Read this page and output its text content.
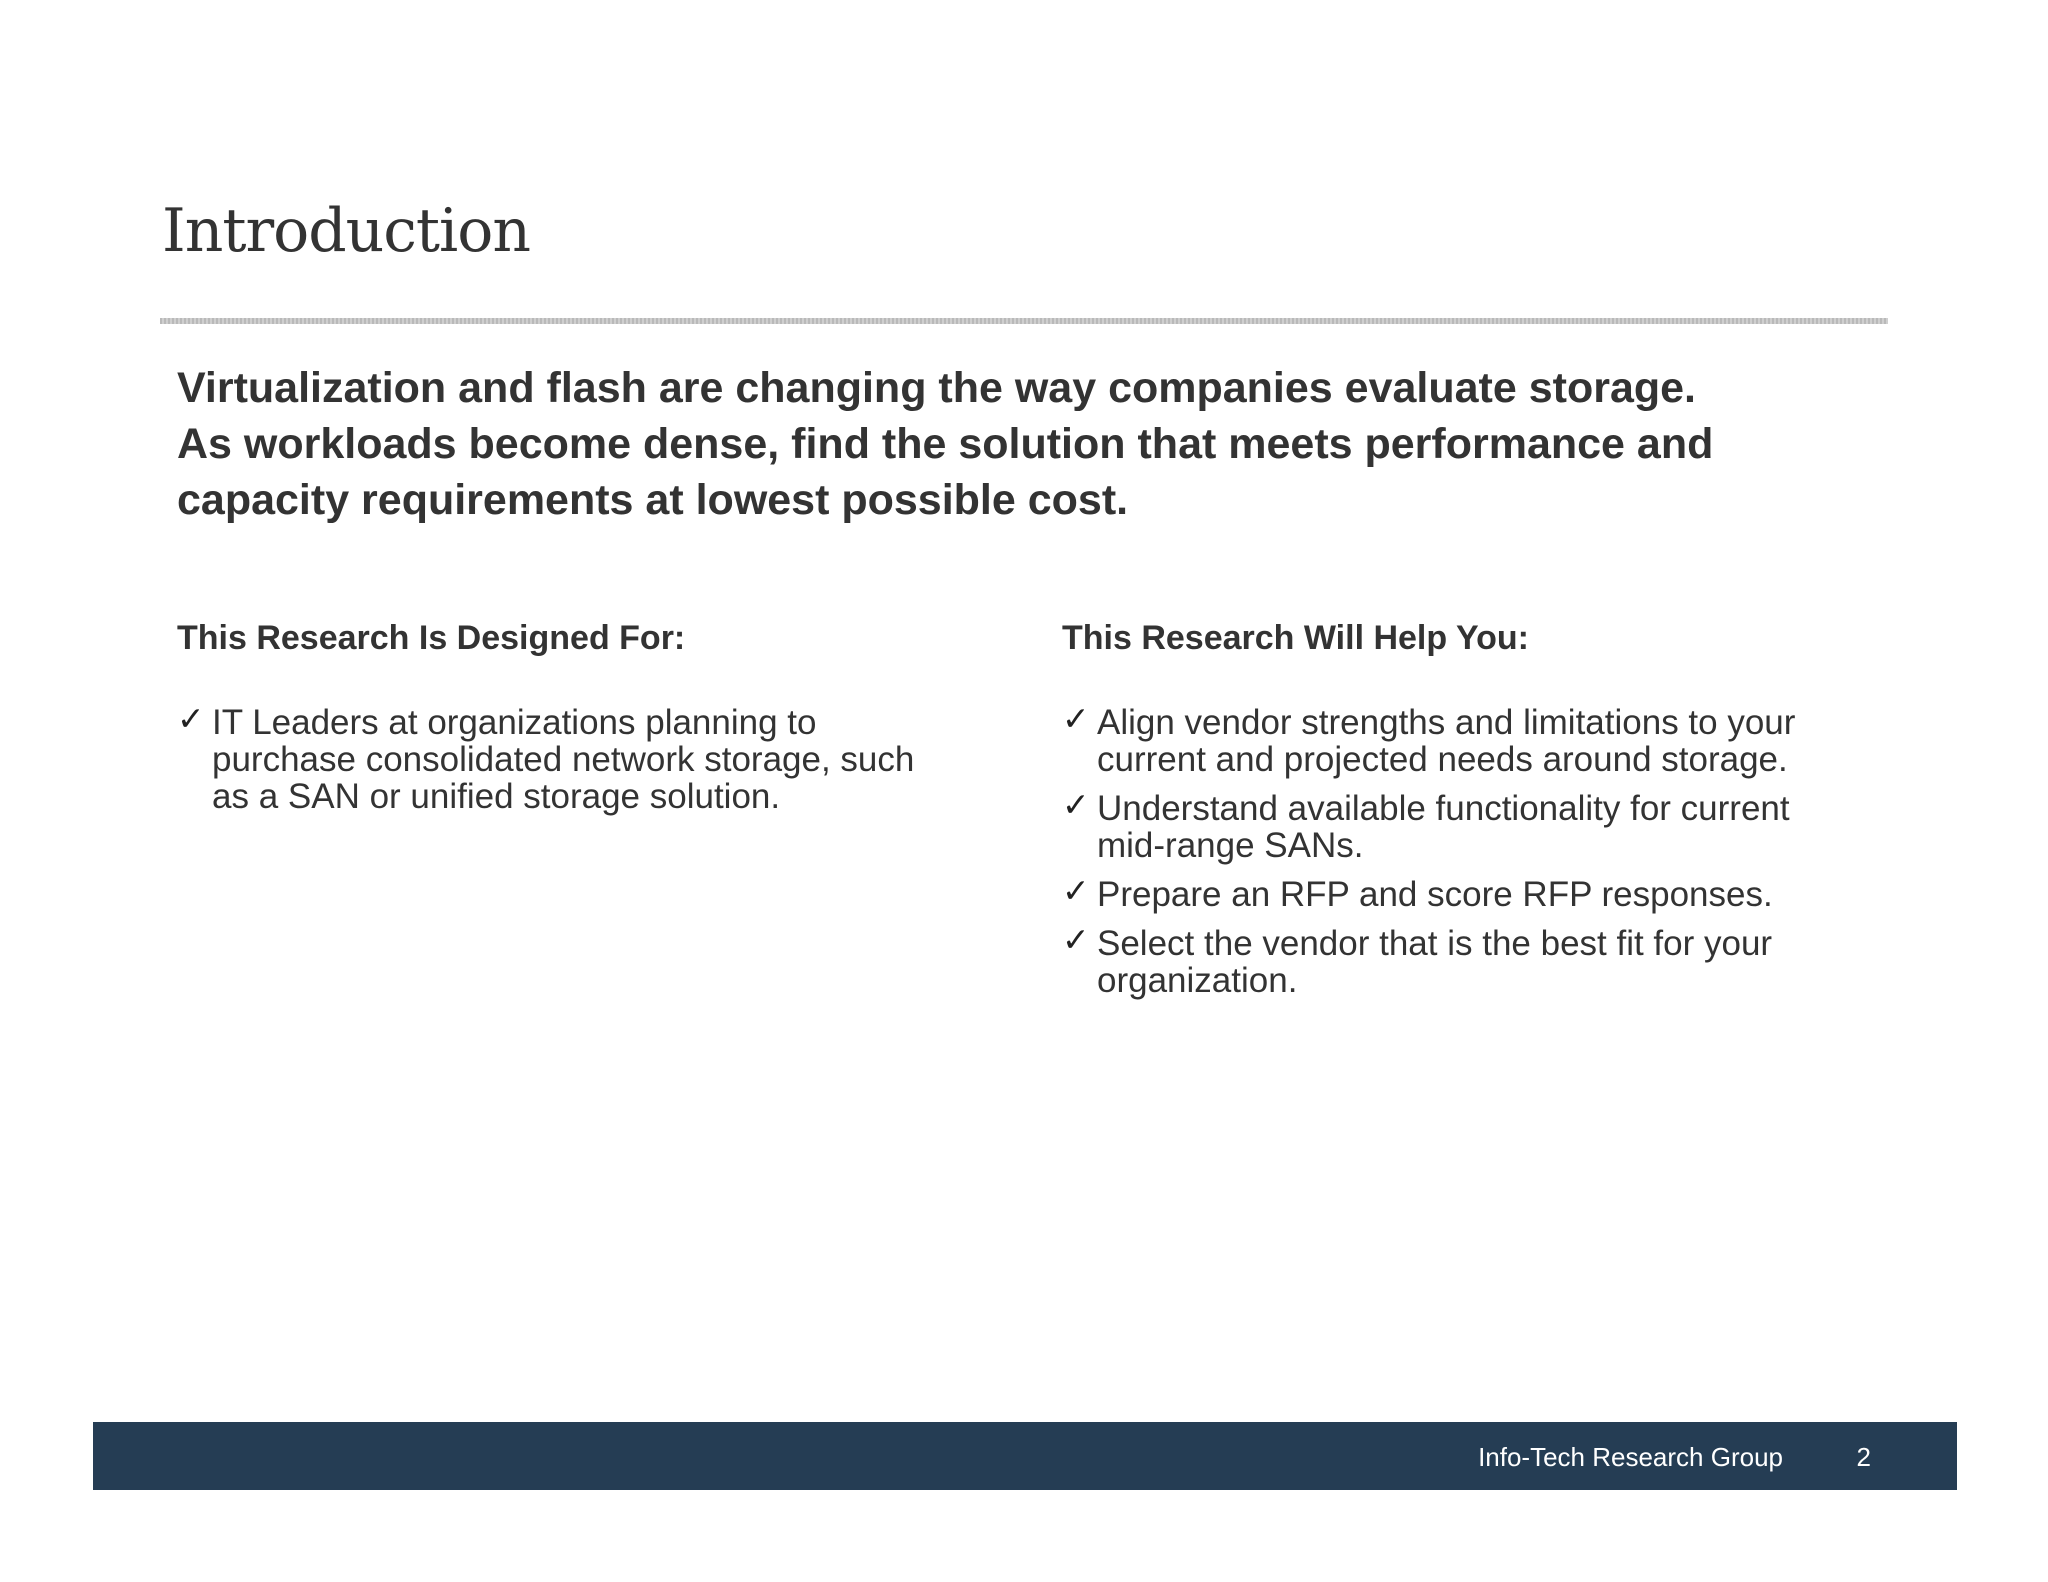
Introduction
Virtualization and flash are changing the way companies evaluate storage.
As workloads become dense, find the solution that meets performance and
capacity requirements at lowest possible cost.
This Research Is Designed For:
✓ IT Leaders at organizations planning to
purchase consolidated network storage, such
as a SAN or unified storage solution.
This Research Will Help You:
✓ Align vendor strengths and limitations to your
current and projected needs around storage.
✓ Understand available functionality for current
mid-range SANs.
✓ Prepare an RFP and score RFP responses.
✓ Select the vendor that is the best fit for your
organization.
Info-Tech Research Group	2
